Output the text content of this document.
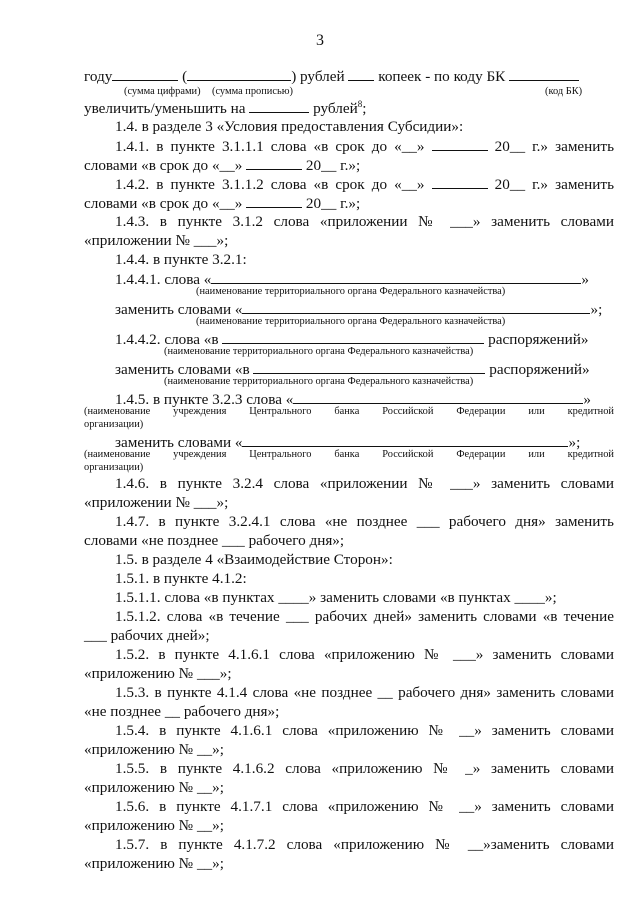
3
году	(	) рублей копеек - по коду БК
(сумма цифрами) (сумма прописью)	(код БК)
увеличить/уменьшить на	рублей$^8$;
1.4. в разделе 3 «Условия предоставления Субсидии»:
1.4.1. в пункте 3.1.1.1 слова «в срок до «__»	20__ г.» заменить
словами «в срок до «__»	20__ г.»;
1.4.2. в пункте 3.1.1.2 слова «в срок до «__»	20__ г.» заменить
словами «в срок до «__»	20__ г.»;
1.4.3. в пункте 3.1.2 слова «приложении № ___» заменить словами
«приложении № ___»;
1.4.4. в пункте 3.2.1:
1.4.4.1. слова «	»
(наименование территориального органа Федерального казначейства)
заменить словами «	»;
(наименование территориального органа Федерального казначейства)
1.4.4.2. слова «в	распоряжений»
(наименование территориального органа Федерального казначейства)
заменить словами «в	распоряжений»
(наименование территориального органа Федерального казначейства)
1.4.5. в пункте 3.2.3 слова «	»
(наименование учреждения Центрального банка Российской Федерации или кредитной
организации)
заменить словами «	»;
(наименование учреждения Центрального банка Российской Федерации или кредитной
организации)
1.4.6. в пункте 3.2.4 слова «приложении № ___» заменить словами
«приложении № ___»;
1.4.7. в пункте 3.2.4.1 слова «не позднее ___ рабочего дня» заменить
словами «не позднее ___ рабочего дня»;
1.5. в разделе 4 «Взаимодействие Сторон»:
1.5.1. в пункте 4.1.2:
1.5.1.1. слова «в пунктах ____» заменить словами «в пунктах ____»;
1.5.1.2. слова «в течение ___ рабочих дней» заменить словами «в течение
___ рабочих дней»;
1.5.2. в пункте 4.1.6.1 слова «приложению № ___» заменить словами
«приложению № ___»;
1.5.3. в пункте 4.1.4 слова «не позднее __ рабочего дня» заменить словами
«не позднее __ рабочего дня»;
1.5.4. в пункте 4.1.6.1 слова «приложению № __» заменить словами
«приложению № __»;
1.5.5. в пункте 4.1.6.2 слова «приложению № _» заменить словами
«приложению № __»;
1.5.6. в пункте 4.1.7.1 слова «приложению № __» заменить словами
«приложению № __»;
1.5.7. в пункте 4.1.7.2 слова «приложению № __»заменить словами
«приложению № __»;
